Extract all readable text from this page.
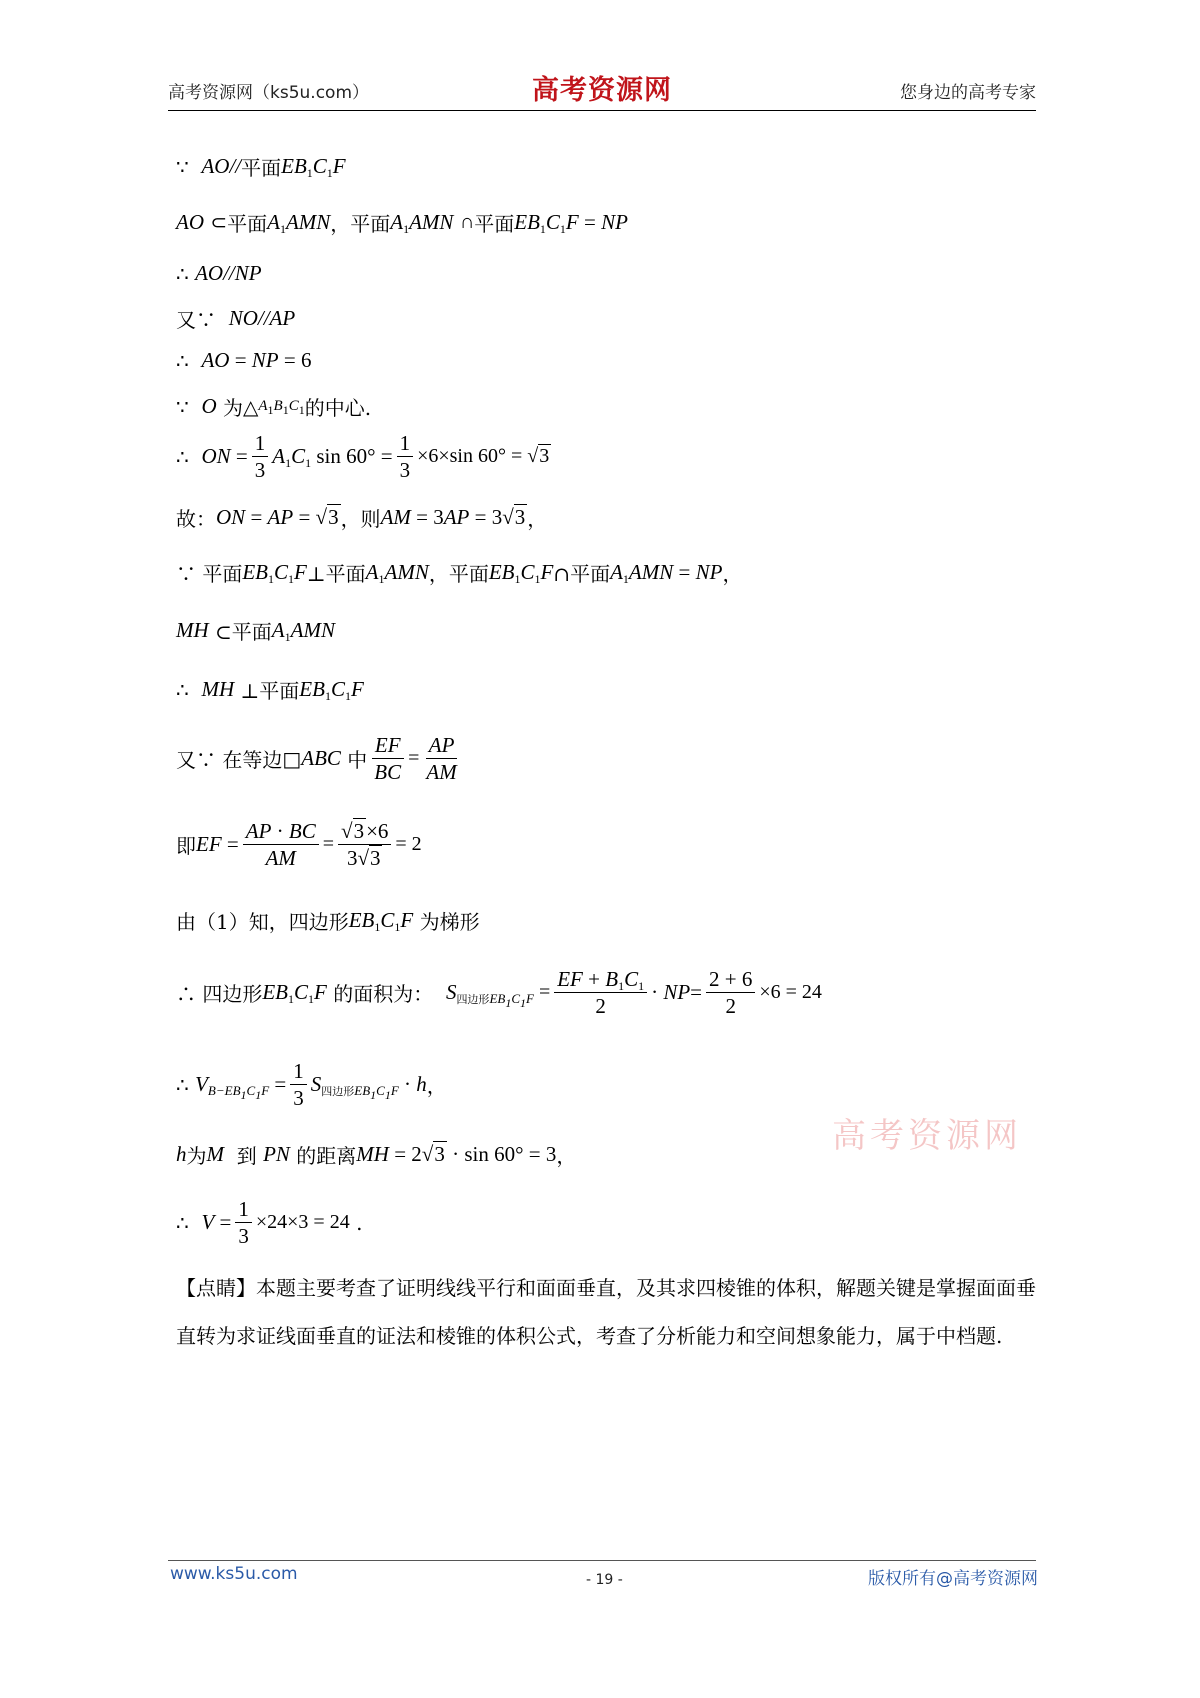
高考资源网（ks5u.com）	高考资源网	您身边的高考专家
∵
AO// 平面 $EB_1C_1F$
AO
⊂ 平面 $A_1AMN$ ， 平面 $A_1AMN$
∩ 平面 $EB_1C_1F$ = NP
∴
AO//NP
又∵
NO//AP
∴
AO = NP = 6
∵
O
为 △ $A_1B_1C_1$ 的中心.
∴
ON = $\frac{1}{3} A_1C_1$ $\sin 60^\circ = \frac{1}{3} \times 6\times\sin$ 60° = √3
故： ON = AP = √3 ，则 AM = 3AP = 3√3 ，
∵ 平面 $EB_1C_1F$ ⊥平面 $A_1AMN$ ， 平面 $EB_1C_1F$ ∩平面 $A_1AMN$ = NP ，
MH
⊂平面 $A_1AMN$
∴
MH
⊥平面 $EB_1C_1F$
又∵ 在等边 □ ABC
中 $\frac{EF}{BC} = \frac{AP}{AM}$
即 EF = $\frac{AP \cdot BC}{AM} = \frac{√3\times 6}{3√3} = 2$
由（1）知，四边形 $EB_1C_1F$
为梯形
∴ 四边形 $EB_1C_1F$
的面积为：
$S_{四边形EB_1C_1F} = \frac{EF + B_1C_1}{2} \cdot NP= \frac{2 + 6}{2} \times 6 = 24$
高考资源网
∴
$V_{B-EB_1C_1F} = \frac{1}{3} S_{四边形EB_1C_1F} \cdot h$ ，
h 为 M
到
PN
的距离 MH = 2√3 · sin 60° = 3 ，
∴
$V = \frac{1}{3} \times 24\times 3 = 24$
.
【点睛】本题主要考查了证明线线平行和面面垂直，及其求四棱锥的体积，解题关键是掌握面面垂直转为求证线面垂直的证法和棱锥的体积公式，考查了分析能力和空间想象能力，属于中档题.
www.ks5u.com	- 19 -	版权所有@高考资源网
